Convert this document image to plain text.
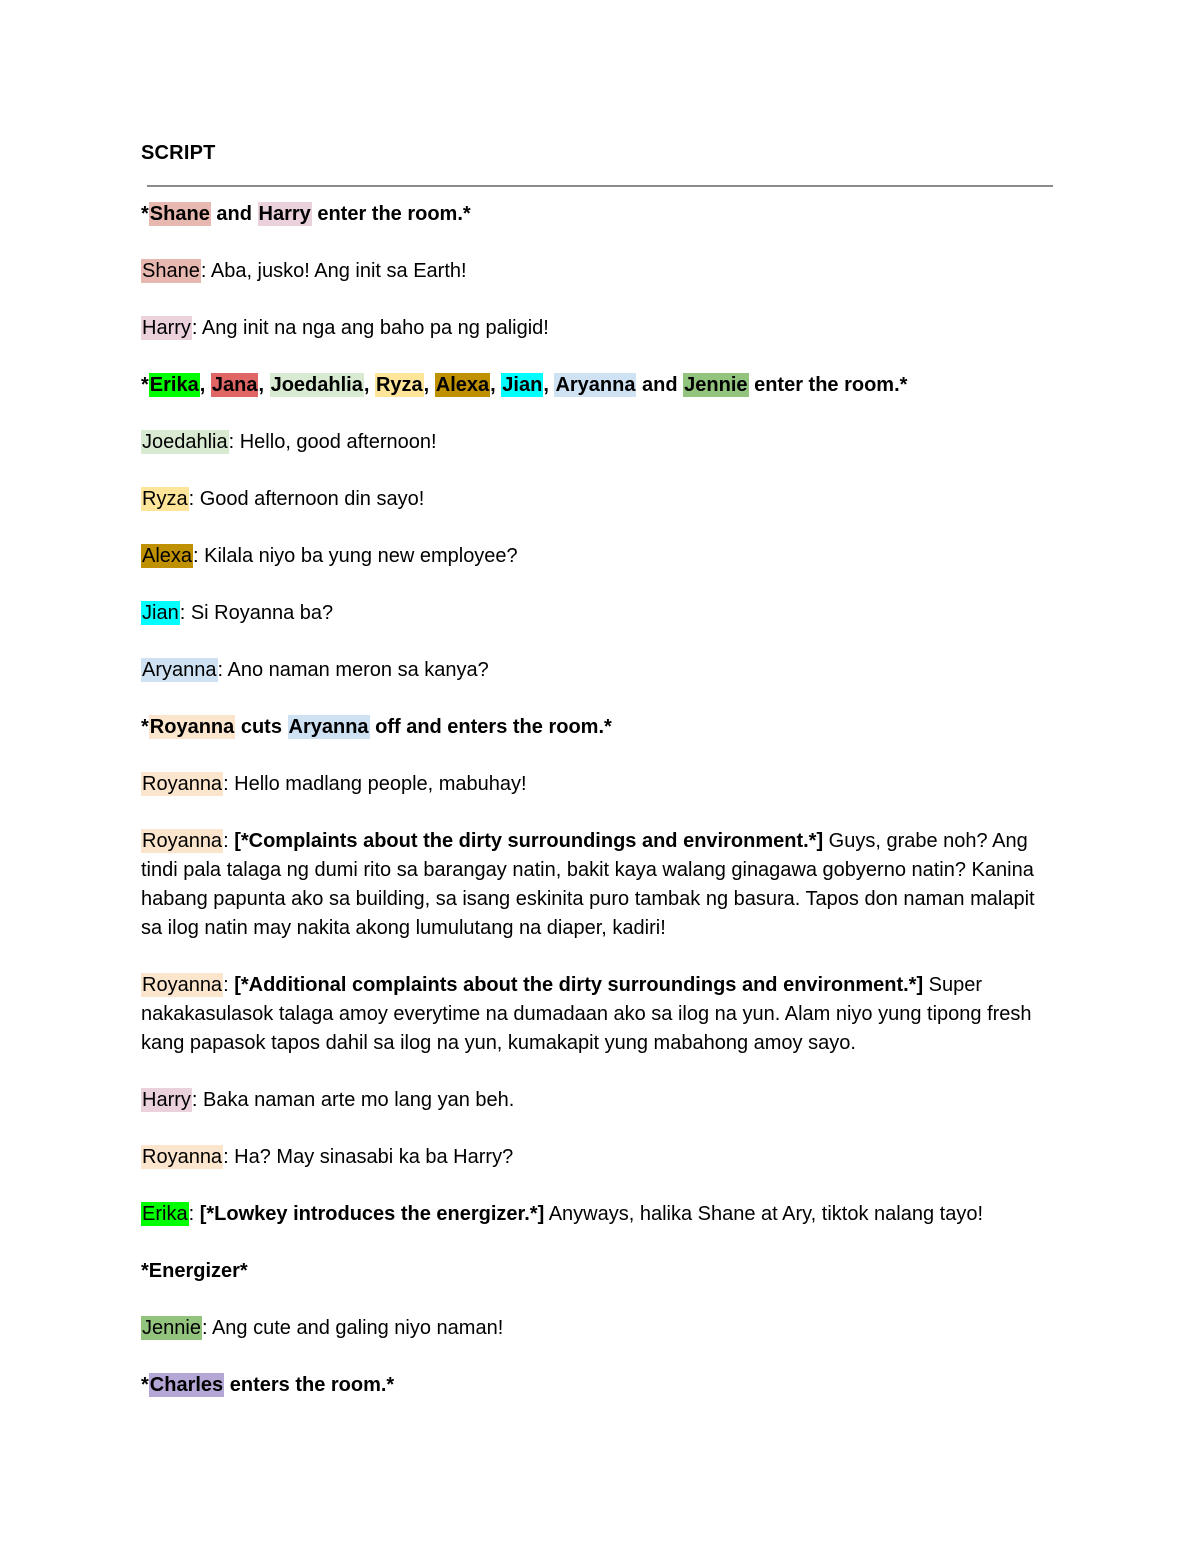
SCRIPT

*Shane and Harry enter the room.*

Shane: Aba, jusko! Ang init sa Earth!

Harry: Ang init na nga ang baho pa ng paligid!

*Erika, Jana, Joedahlia, Ryza, Alexa, Jian, Aryanna and Jennie enter the room.*

Joedahlia: Hello, good afternoon!

Ryza: Good afternoon din sayo!

Alexa: Kilala niyo ba yung new employee?

Jian: Si Royanna ba?

Aryanna: Ano naman meron sa kanya?

*Royanna cuts Aryanna off and enters the room.*

Royanna: Hello madlang people, mabuhay!

Royanna: [*Complaints about the dirty surroundings and environment.*] Guys, grabe noh? Ang tindi pala talaga ng dumi rito sa barangay natin, bakit kaya walang ginagawa gobyerno natin? Kanina habang papunta ako sa building, sa isang eskinita puro tambak ng basura. Tapos don naman malapit sa ilog natin may nakita akong lumulutang na diaper, kadiri!

Royanna: [*Additional complaints about the dirty surroundings and environment.*] Super nakakasulasok talaga amoy everytime na dumadaan ako sa ilog na yun. Alam niyo yung tipong fresh kang papasok tapos dahil sa ilog na yun, kumakapit yung mabahong amoy sayo.

Harry: Baka naman arte mo lang yan beh.

Royanna: Ha? May sinasabi ka ba Harry?

Erika: [*Lowkey introduces the energizer.*] Anyways, halika Shane at Ary, tiktok nalang tayo!

*Energizer*

Jennie: Ang cute and galing niyo naman!

*Charles enters the room.*
